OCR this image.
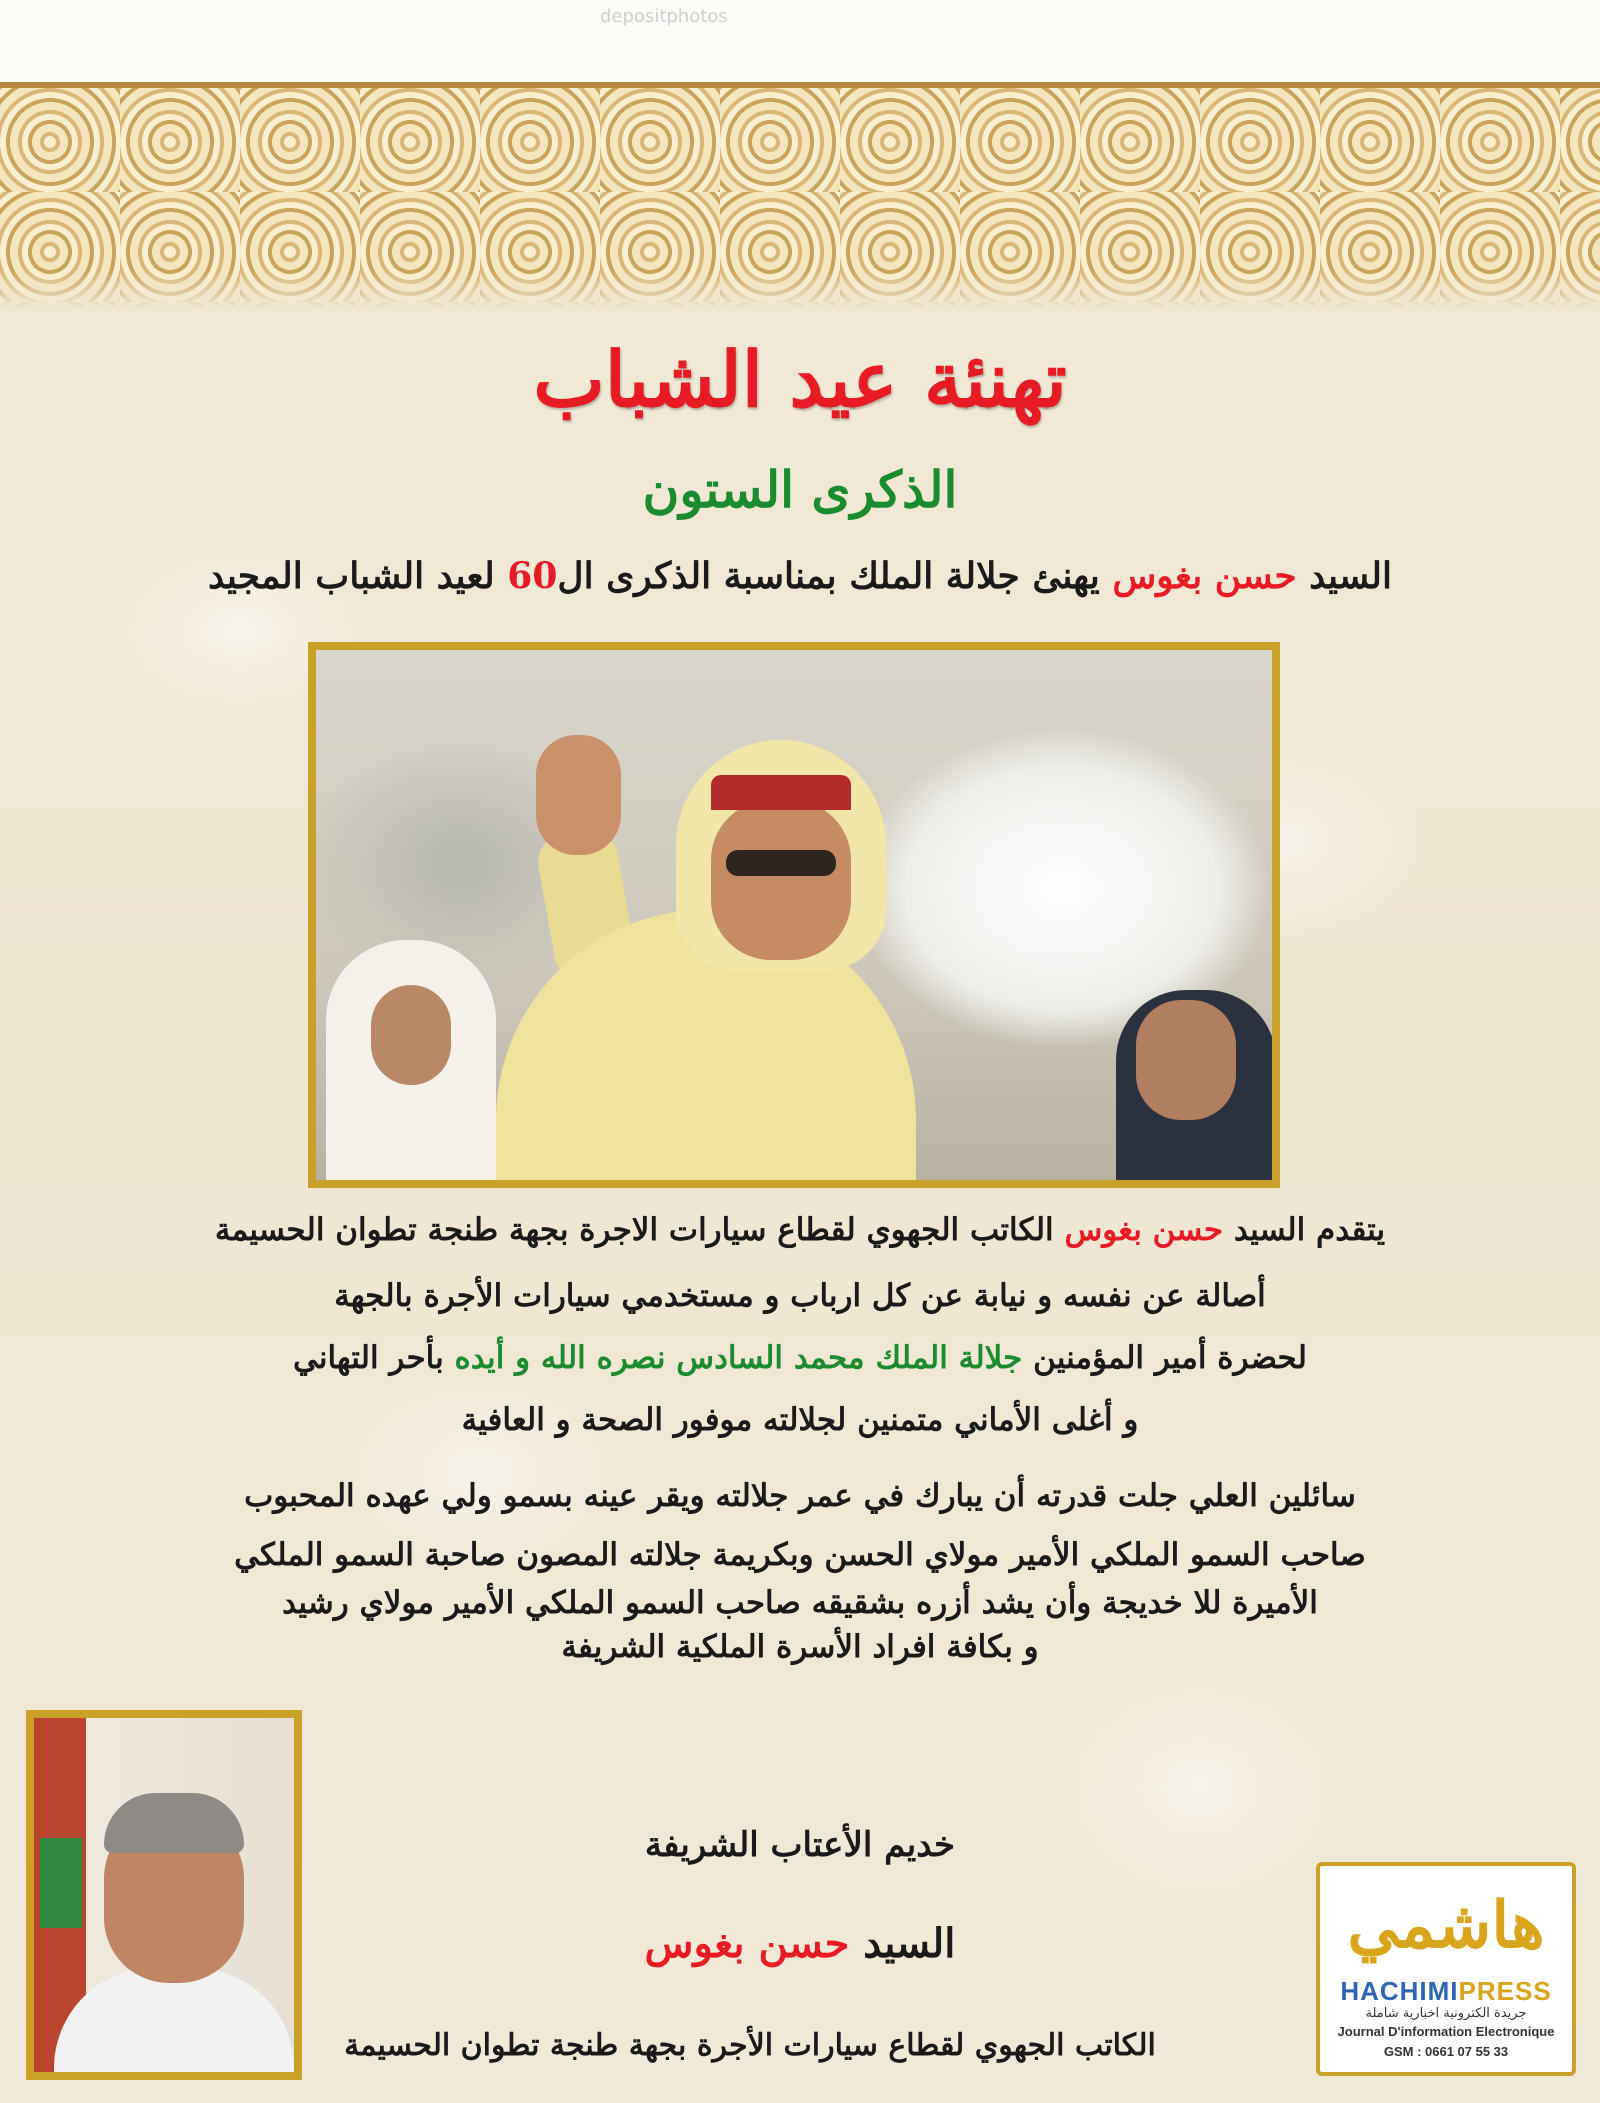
depositphotos
تهنئة عيد الشباب
الذكرى الستون
السيد حسن بغوس يهنئ جلالة الملك بمناسبة الذكرى ال60 لعيد الشباب المجيد
يتقدم السيد حسن بغوس الكاتب الجهوي لقطاع سيارات الاجرة بجهة طنجة تطوان الحسيمة
أصالة عن نفسه و نيابة عن كل ارباب و مستخدمي سيارات الأجرة بالجهة
لحضرة أمير المؤمنين جلالة الملك محمد السادس نصره الله و أيده بأحر التهاني
و أغلى الأماني متمنين لجلالته موفور الصحة و العافية
سائلين العلي جلت قدرته أن يبارك في عمر جلالته ويقر عينه بسمو ولي عهده المحبوب
صاحب السمو الملكي الأمير مولاي الحسن وبكريمة جلالته المصون صاحبة السمو الملكي
الأميرة للا خديجة وأن يشد أزره بشقيقه صاحب السمو الملكي الأمير مولاي رشيد
و بكافة افراد الأسرة الملكية الشريفة
خديم الأعتاب الشريفة
السيد حسن بغوس
الكاتب الجهوي لقطاع سيارات الأجرة بجهة طنجة تطوان الحسيمة
هاشمي
HACHIMIPRESS
جريدة الكترونية اخبارية شاملة
Journal D'information Electronique
GSM : 0661 07 55 33
